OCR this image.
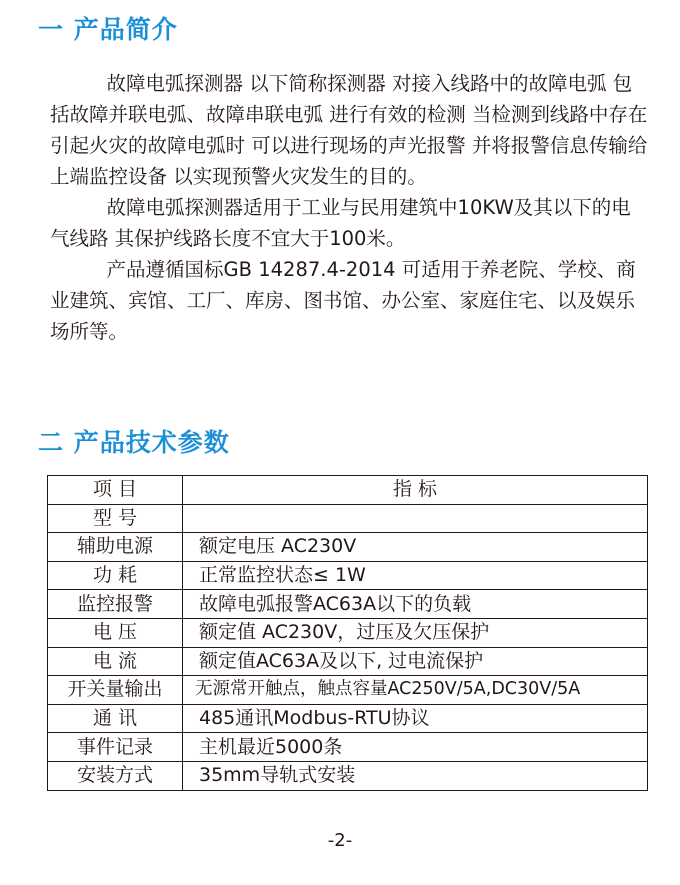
一 产品简介

故障电弧探测器 以下简称探测器 对接入线路中的故障电弧 包括故障并联电弧、故障串联电弧 进行有效的检测 当检测到线路中存在引起火灾的故障电弧时 可以进行现场的声光报警 并将报警信息传输给上端监控设备 以实现预警火灾发生的目的。

故障电弧探测器适用于工业与民用建筑中10KW及其以下的电气线路 其保护线路长度不宜大于100米。

产品遵循国标GB 14287.4-2014 可适用于养老院、学校、商业建筑、宾馆、工厂、库房、图书馆、办公室、家庭住宅、以及娱乐场所等。

二 产品技术参数
项 目	指 标
型 号	
辅助电源	额定电压 AC230V
功 耗	正常监控状态≤ 1W
监控报警	故障电弧报警AC63A以下的负载
电 压	额定值 AC230V，过压及欠压保护
电 流	额定值AC63A及以下, 过电流保护
开关量输出	无源常开触点，触点容量AC250V/5A,DC30V/5A
通 讯	485通讯Modbus-RTU协议
事件记录	主机最近5000条
安装方式	35mm导轨式安装
-2-
